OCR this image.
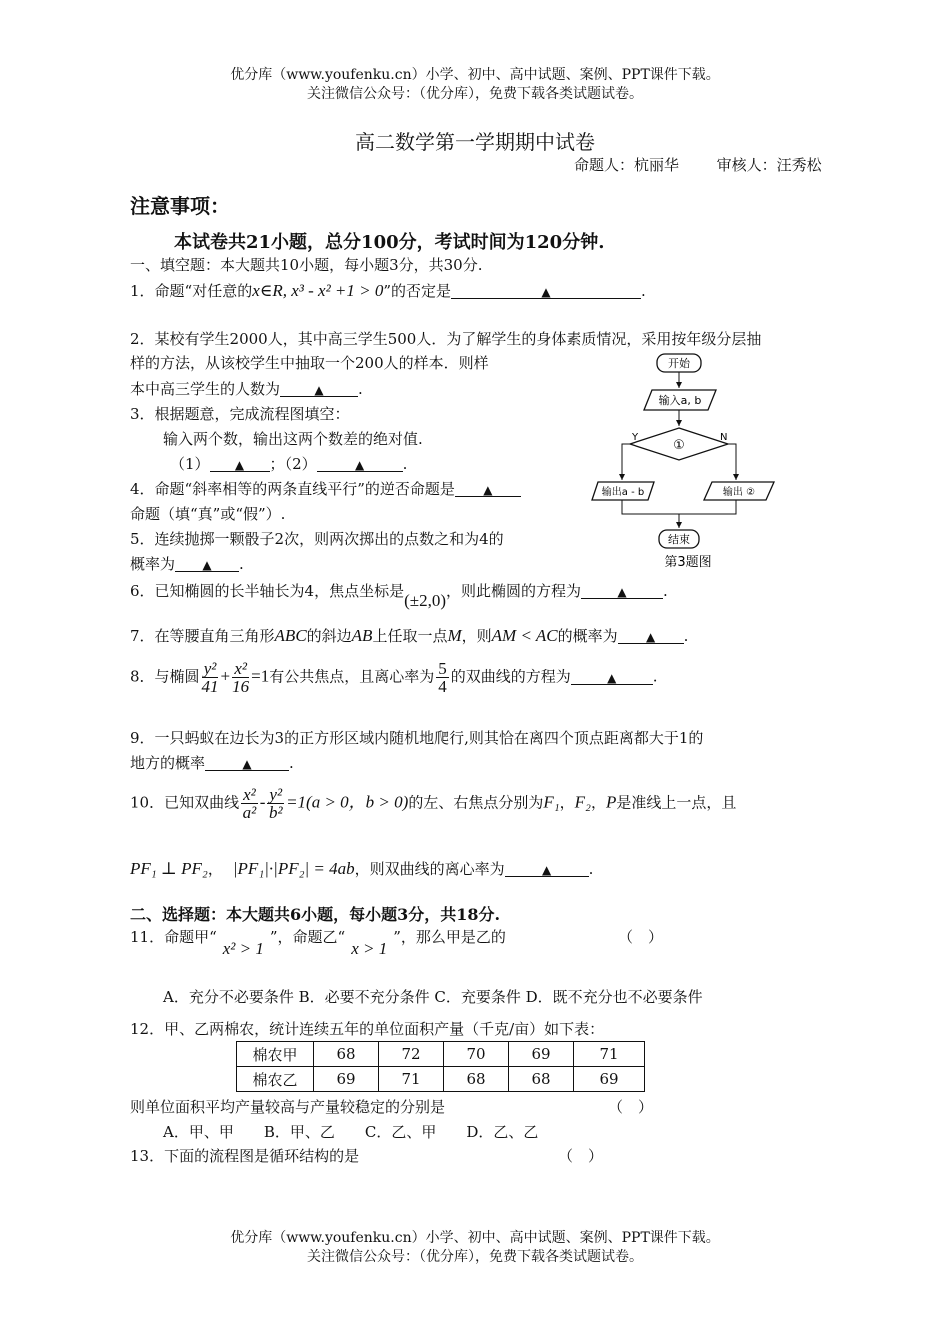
优分库（www.youfenku.cn）小学、初中、高中试题、案例、PPT课件下载。
关注微信公众号：（优分库），免费下载各类试题试卷。
高二数学第一学期期中试卷
命题人：杭丽华	审核人：汪秀松
注意事项：
本试卷共21小题，总分100分，考试时间为120分钟.
一、填空题：本大题共10小题，每小题3分，共30分.
1．命题“对任意的x∈R, x³ - x² +1 > 0”的否定是	▲	.
2．某校有学生2000人，其中高三学生500人．为了解学生的身体素质情况，采用按年级分层抽
样的方法，从该校学生中抽取一个200人的样本．则样
本中高三学生的人数为	▲ .
3．根据题意，完成流程图填空：
输入两个数，输出这两个数差的绝对值.
（1） ▲ ；（2）	▲	.
4．命题“斜率相等的两条直线平行”的逆否命题是 ▲
命题（填“真”或“假”）.
5．连续抛掷一颗骰子2次，则两次掷出的点数之和为4的
概率为 ▲ .
开始
输入a, b
①
Y	N
输出a - b	输出 ②
结束
第3题图
6．已知椭圆的长半轴长为4，焦点坐标是(±2,0)，则此椭圆的方程为	▲ .
7．在等腰直角三角形ABC的斜边AB上任取一点M，则AM < AC的概率为 ▲ .
8．与椭圆 $\frac{\text{y²}}{41} + \frac{\text{x²}}{16} =1$有公共焦点，且离心率为 $\frac{5}{4}$ 的双曲线的方程为	▲ .
9．一只蚂蚁在边长为3的正方形区域内随机地爬行,则其恰在离四个顶点距离都大于1的
地方的概率	▲ .
10．已知双曲线 $\frac{\text{x²}}{\text{a²}} - \frac{\text{y²}}{\text{b²}} =1(a > 0$，b > 0)的左、右焦点分别为F₁，F₂，P是准线上一点，且
PF₁ ⊥ PF₂， |PF₁|·|PF₂| = 4ab，则双曲线的离心率为	▲ .
二、选择题：本大题共6小题，每小题3分，共18分.
11．命题甲“x² > 1”，命题乙“x > 1”，那么甲是乙的	（　）
A．充分不必要条件 B．必要不充分条件 C．充要条件 D．既不充分也不必要条件
12．甲、乙两棉农，统计连续五年的单位面积产量（千克/亩）如下表：
棉农甲	68	72	70	69	71
棉农乙	69	71	68	68	69
则单位面积平均产量较高与产量较稳定的分别是	（　）
A．甲、甲　　B．甲、乙　　C．乙、甲　　D．乙、乙
13．下面的流程图是循环结构的是	（　）
优分库（www.youfenku.cn）小学、初中、高中试题、案例、PPT课件下载。
关注微信公众号：（优分库），免费下载各类试题试卷。
